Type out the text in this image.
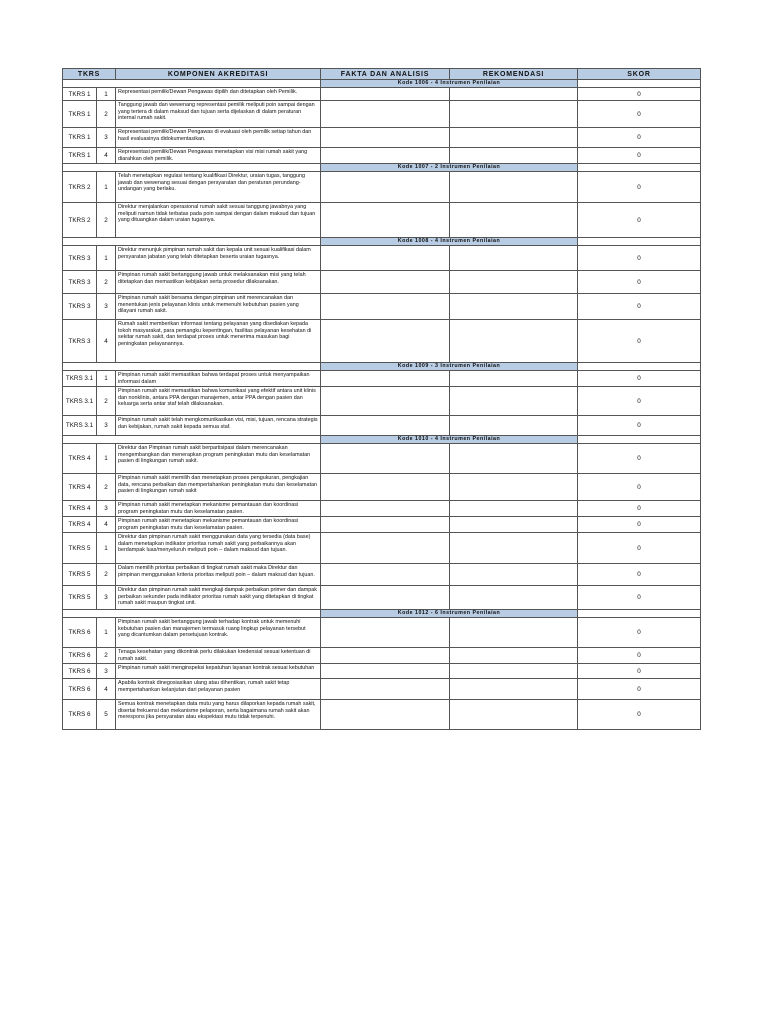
TKRS		KOMPONEN AKREDITASI	FAKTA DAN ANALISIS	REKOMENDASI	SKOR
			Kode 1006 - 4 Instrumen Penilaian		
TKRS 1	1	Representasi pemilik/Dewan Pengawas dipilih dan ditetapkan oleh Pemilik.			0
TKRS 1	2	Tanggung jawab dan wewenang representasi pemilik meliputi poin sampai dengan yang tertera di dalam maksud dan tujuan serta dijelaskan di dalam peraturan internal rumah sakit.			0
TKRS 1	3	Representasi pemilik/Dewan Pengawas di evaluasi oleh pemilik setiap tahun dan hasil evaluasinya didokumentasikan.			0
TKRS 1	4	Representasi pemilik/Dewan Pengawas menetapkan visi misi rumah sakit yang diarahkan oleh pemilik.			0
			Kode 1007 - 2 Instrumen Penilaian		
TKRS 2	1	Telah menetapkan regulasi tentang kualifikasi Direktur, uraian tugas, tanggung jawab dan wewenang sesuai dengan persyaratan dan peraturan perundang- undangan yang berlaku.			0
TKRS 2	2	Direktur menjalankan operasional rumah sakit sesuai tanggung jawabnya yang meliputi namun tidak terbatas pada poin sampai dengan dalam maksud dan tujuan yang dituangkan dalam uraian tugasnya.			0
			Kode 1008 - 4 Instrumen Penilaian		
TKRS 3	1	Direktur menunjuk pimpinan rumah sakit dan kepala unit sesuai kualifikasi dalam persyaratan jabatan yang telah ditetapkan beserta uraian tugasnya.			0
TKRS 3	2	Pimpinan rumah sakit bertanggung jawab untuk melaksanakan misi yang telah ditetapkan dan memastikan kebijakan serta prosedur dilaksanakan.			0
TKRS 3	3	Pimpinan rumah sakit bersama dengan pimpinan unit merencanakan dan menentukan jenis pelayanan klinis untuk memenuhi kebutuhan pasien yang dilayani rumah sakit.			0
TKRS 3	4	Rumah sakit memberikan informasi tentang pelayanan yang disediakan kepada tokoh masyarakat, para pemangku kepentingan, fasilitas pelayanan kesehatan di sekitar rumah sakit, dan terdapat proses untuk menerima masukan bagi peningkatan pelayanannya.			0
			Kode 1009 - 3 Instrumen Penilaian		
TKRS 3.1	1	Pimpinan rumah sakit memastikan bahwa terdapat proses untuk menyampaikan informasi dalam			0
TKRS 3.1	2	Pimpinan rumah sakit memastikan bahwa komunikasi yang efektif antara unit klinis dan nonklinis, antara PPA dengan manajemen, antar PPA dengan pasien dan keluarga serta antar staf telah dilaksanakan.			0
TKRS 3.1	3	Pimpinan rumah sakit telah mengkomunikasikan visi, misi, tujuan, rencana strategis dan kebijakan, rumah sakit kepada semua staf.			0
			Kode 1010 - 4 Instrumen Penilaian		
TKRS 4	1	Direktur dan Pimpinan rumah sakit berpartisipasi dalam merencanakan mengembangkan dan menerapkan program peningkatan mutu dan keselamatan pasien di lingkungan rumah sakit.			0
TKRS 4	2	Pimpinan rumah sakit memilih dan menetapkan proses pengukuran, pengkajian data, rencana perbaikan dan mempertahankan peningkatan mutu dan keselamatan pasien di lingkungan rumah sakit			0
TKRS 4	3	Pimpinan rumah sakit menetapkan mekanisme pemantauan dan koordinasi program peningkatan mutu dan keselamatan pasien.			0
TKRS 4	4	Pimpinan rumah sakit menetapkan mekanisme pemantauan dan koordinasi program peningkatan mutu dan keselamatan pasien.			0
TKRS 5	1	Direktur dan pimpinan rumah sakit menggunakan data yang tersedia (data base) dalam menetapkan indikator prioritas rumah sakit yang perbaikannya akan berdampak luas/menyeluruh meliputi poin – dalam maksud dan tujuan.			0
TKRS 5	2	Dalam memilih prioritas perbaikan di tingkat rumah sakit maka Direktur dan pimpinan menggunakan kriteria prioritas meliputi poin – dalam maksud dan tujuan.			0
TKRS 5	3	Direktur dan pimpinan rumah sakit mengkaji dampak perbaikan primer dan dampak perbaikan sekunder pada indikator prioritas rumah sakit yang ditetapkan di tingkat rumah sakit maupun tingkat unit.			0
			Kode 1012 - 6 Instrumen Penilaian		
TKRS 6	1	Pimpinan rumah sakit bertanggung jawab terhadap kontrak untuk memenuhi kebutuhan pasien dan manajemen termasuk ruang lingkup pelayanan tersebut yang dicantumkan dalam persetujuan kontrak.			0
TKRS 6	2	Tenaga kesehatan yang dikontrak perlu dilakukan kredensial sesuai ketentuan di rumah sakit.			0
TKRS 6	3	Pimpinan rumah sakit menginspeksi kepatuhan layanan kontrak sesuai kebutuhan			0
TKRS 6	4	Apabila kontrak dinegosiasikan ulang atau dihentikan, rumah sakit tetap mempertahankan kelanjutan dari pelayanan pasien			0
TKRS 6	5	Semua kontrak menetapkan data mutu yang harus dilaporkan kepada rumah sakit, disertai frekuensi dan mekanisme pelaporan, serta bagaimana rumah sakit akan merespons jika persyaratan atau ekspektasi mutu tidak terpenuhi.			0
